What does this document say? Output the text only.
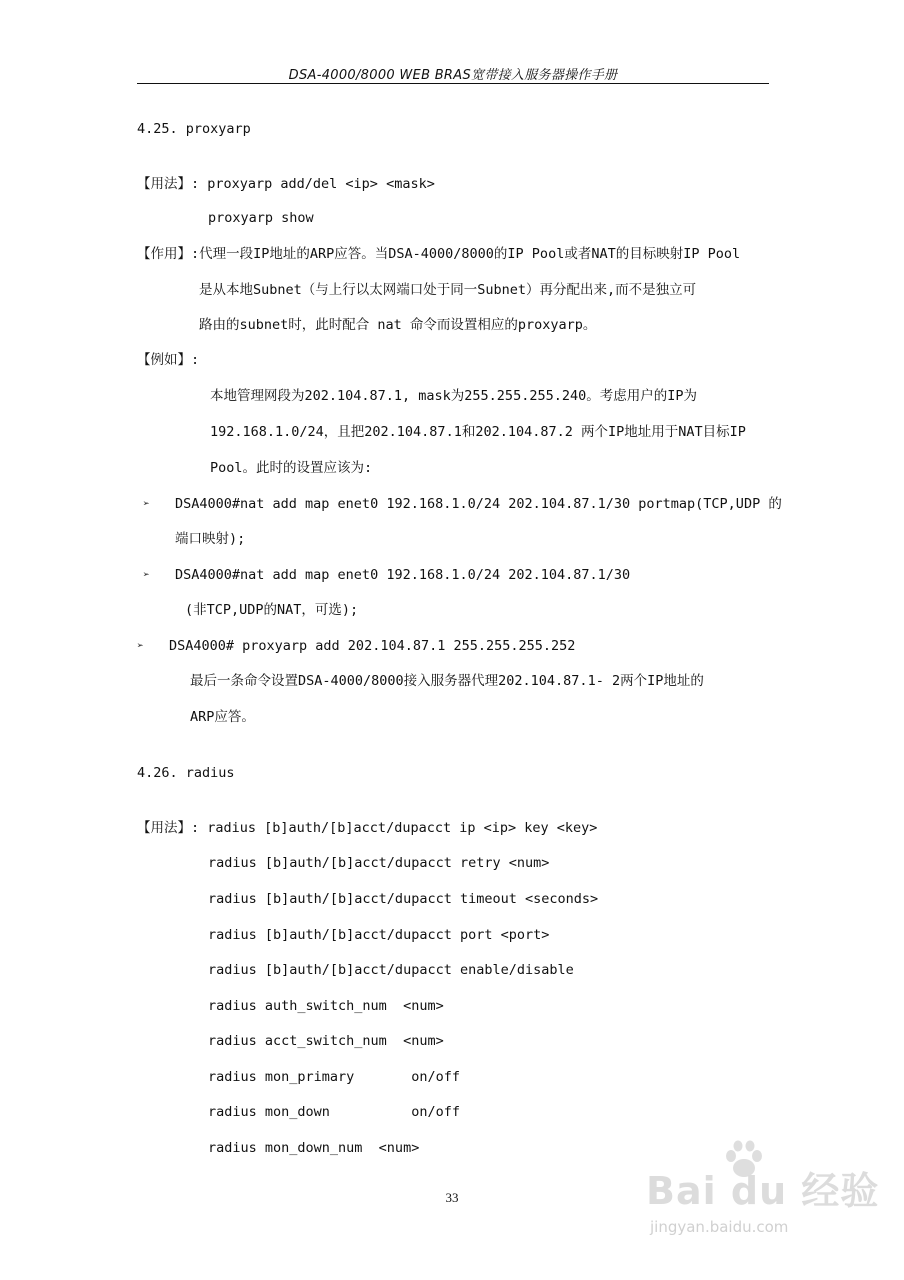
DSA-4000/8000 WEB BRAS宽带接入服务器操作手册
4.25. proxyarp
【用法】: proxyarp add/del <ip> <mask>
proxyarp show
【作用】:代理一段IP地址的ARP应答。当DSA-4000/8000的IP Pool或者NAT的目标映射IP Pool
是从本地Subnet（与上行以太网端口处于同一Subnet）再分配出来,而不是独立可
路由的subnet时，此时配合 nat 命令而设置相应的proxyarp。
【例如】:
本地管理网段为202.104.87.1, mask为255.255.255.240。考虑用户的IP为
192.168.1.0/24，且把202.104.87.1和202.104.87.2 两个IP地址用于NAT目标IP
Pool。此时的设置应该为:
➢ DSA4000#nat add map enet0 192.168.1.0/24 202.104.87.1/30 portmap(TCP,UDP 的
端口映射);
➢ DSA4000#nat add map enet0 192.168.1.0/24 202.104.87.1/30
(非TCP,UDP的NAT，可选);
➢ DSA4000# proxyarp add 202.104.87.1 255.255.255.252
最后一条命令设置DSA-4000/8000接入服务器代理202.104.87.1- 2两个IP地址的
ARP应答。
4.26. radius
【用法】: radius [b]auth/[b]acct/dupacct ip <ip> key <key>
radius [b]auth/[b]acct/dupacct retry <num>
radius [b]auth/[b]acct/dupacct timeout <seconds>
radius [b]auth/[b]acct/dupacct port <port>
radius [b]auth/[b]acct/dupacct enable/disable
radius auth_switch_num  <num>
radius acct_switch_num  <num>
radius mon_primary       on/off
radius mon_down          on/off
radius mon_down_num  <num>
33	Bai du 经验
jingyan.baidu.com
